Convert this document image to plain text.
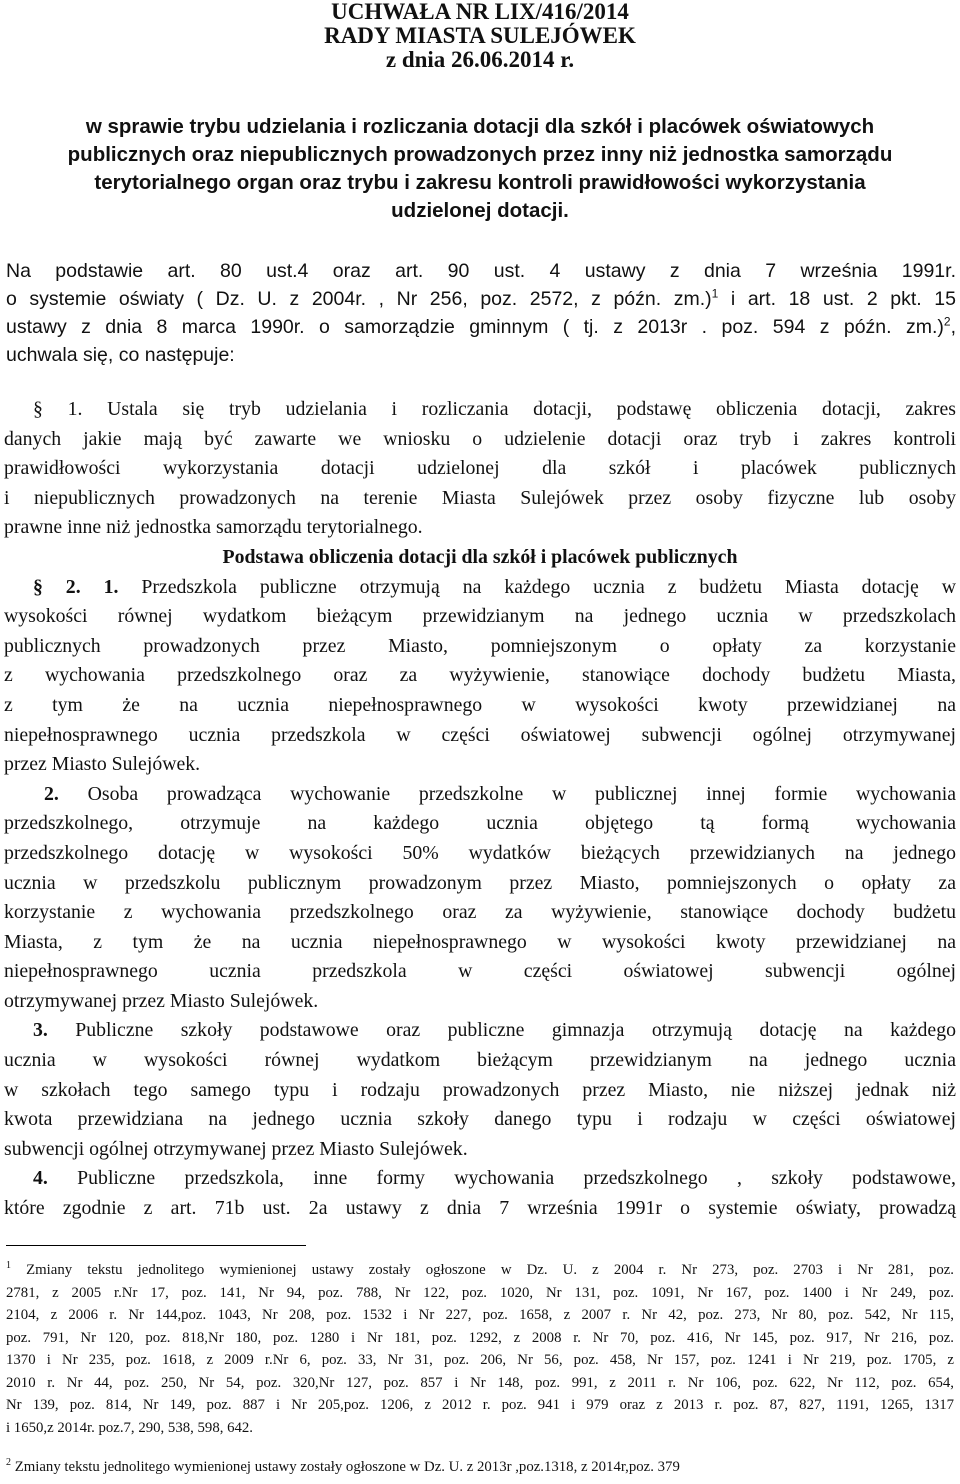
UCHWAŁA NR LIX/416/2014
RADY MIASTA SULEJÓWEK
z dnia 26.06.2014 r.
w sprawie trybu udzielania i rozliczania dotacji dla szkół i placówek oświatowych
publicznych oraz niepublicznych prowadzonych przez inny niż jednostka samorządu
terytorialnego organ oraz trybu i zakresu kontroli prawidłowości wykorzystania
udzielonej dotacji.
Na podstawie art. 80 ust.4 oraz art. 90 ust. 4 ustawy z dnia 7 września 1991r.
o systemie oświaty ( Dz. U. z 2004r. , Nr 256, poz. 2572, z późn. zm.)$^1$ i art. 18 ust. 2 pkt. 15
ustawy z dnia 8 marca 1990r. o samorządzie gminnym ( tj. z 2013r . poz. 594 z późn. zm.)$^2$,
uchwala się, co następuje:
§ 1. Ustala się tryb udzielania i rozliczania dotacji, podstawę obliczenia dotacji, zakres
danych jakie mają być zawarte we wniosku o udzielenie dotacji oraz tryb i zakres kontroli
prawidłowości wykorzystania dotacji udzielonej dla szkół i placówek publicznych
i niepublicznych prowadzonych na terenie Miasta Sulejówek przez osoby fizyczne lub osoby
prawne inne niż jednostka samorządu terytorialnego.
Podstawa obliczenia dotacji dla szkół i placówek publicznych
§ 2. 1. Przedszkola publiczne otrzymują na każdego ucznia z budżetu Miasta dotację w
wysokości równej wydatkom bieżącym przewidzianym na jednego ucznia w przedszkolach
publicznych prowadzonych przez Miasto, pomniejszonym o opłaty za korzystanie
z wychowania przedszkolnego oraz za wyżywienie, stanowiące dochody budżetu Miasta,
z tym że na ucznia niepełnosprawnego w wysokości kwoty przewidzianej na
niepełnosprawnego ucznia przedszkola w części oświatowej subwencji ogólnej otrzymywanej
przez Miasto Sulejówek.
2. Osoba prowadząca wychowanie przedszkolne w publicznej innej formie wychowania
przedszkolnego, otrzymuje na każdego ucznia objętego tą formą wychowania
przedszkolnego dotację w wysokości 50% wydatków bieżących przewidzianych na jednego
ucznia w przedszkolu publicznym prowadzonym przez Miasto, pomniejszonych o opłaty za
korzystanie z wychowania przedszkolnego oraz za wyżywienie, stanowiące dochody budżetu
Miasta, z tym że na ucznia niepełnosprawnego w wysokości kwoty przewidzianej na
niepełnosprawnego ucznia przedszkola w części oświatowej subwencji ogólnej
otrzymywanej przez Miasto Sulejówek.
3. Publiczne szkoły podstawowe oraz publiczne gimnazja otrzymują dotację na każdego
ucznia w wysokości równej wydatkom bieżącym przewidzianym na jednego ucznia
w szkołach tego samego typu i rodzaju prowadzonych przez Miasto, nie niższej jednak niż
kwota przewidziana na jednego ucznia szkoły danego typu i rodzaju w części oświatowej
subwencji ogólnej otrzymywanej przez Miasto Sulejówek.
4. Publiczne przedszkola, inne formy wychowania przedszkolnego , szkoły podstawowe,
które zgodnie z art. 71b ust. 2a ustawy z dnia 7 września 1991r o systemie oświaty, prowadzą
$^1$ Zmiany tekstu jednolitego wymienionej ustawy zostały ogłoszone w Dz. U. z 2004 r. Nr 273, poz. 2703 i Nr 281, poz.
2781, z 2005 r.Nr 17, poz. 141, Nr 94, poz. 788, Nr 122, poz. 1020, Nr 131, poz. 1091, Nr 167, poz. 1400 i Nr 249, poz.
2104, z 2006 r. Nr 144,poz. 1043, Nr 208, poz. 1532 i Nr 227, poz. 1658, z 2007 r. Nr 42, poz. 273, Nr 80, poz. 542, Nr 115,
poz. 791, Nr 120, poz. 818,Nr 180, poz. 1280 i Nr 181, poz. 1292, z 2008 r. Nr 70, poz. 416, Nr 145, poz. 917, Nr 216, poz.
1370 i Nr 235, poz. 1618, z 2009 r.Nr 6, poz. 33, Nr 31, poz. 206, Nr 56, poz. 458, Nr 157, poz. 1241 i Nr 219, poz. 1705, z
2010 r. Nr 44, poz. 250, Nr 54, poz. 320,Nr 127, poz. 857 i Nr 148, poz. 991, z 2011 r. Nr 106, poz. 622, Nr 112, poz. 654,
Nr 139, poz. 814, Nr 149, poz. 887 i Nr 205,poz. 1206, z 2012 r. poz. 941 i 979 oraz z 2013 r. poz. 87, 827, 1191, 1265, 1317
i 1650,z 2014r. poz.7, 290, 538, 598, 642.
$^2$ Zmiany tekstu jednolitego wymienionej ustawy zostały ogłoszone w Dz. U. z 2013r ,poz.1318, z 2014r,poz. 379
